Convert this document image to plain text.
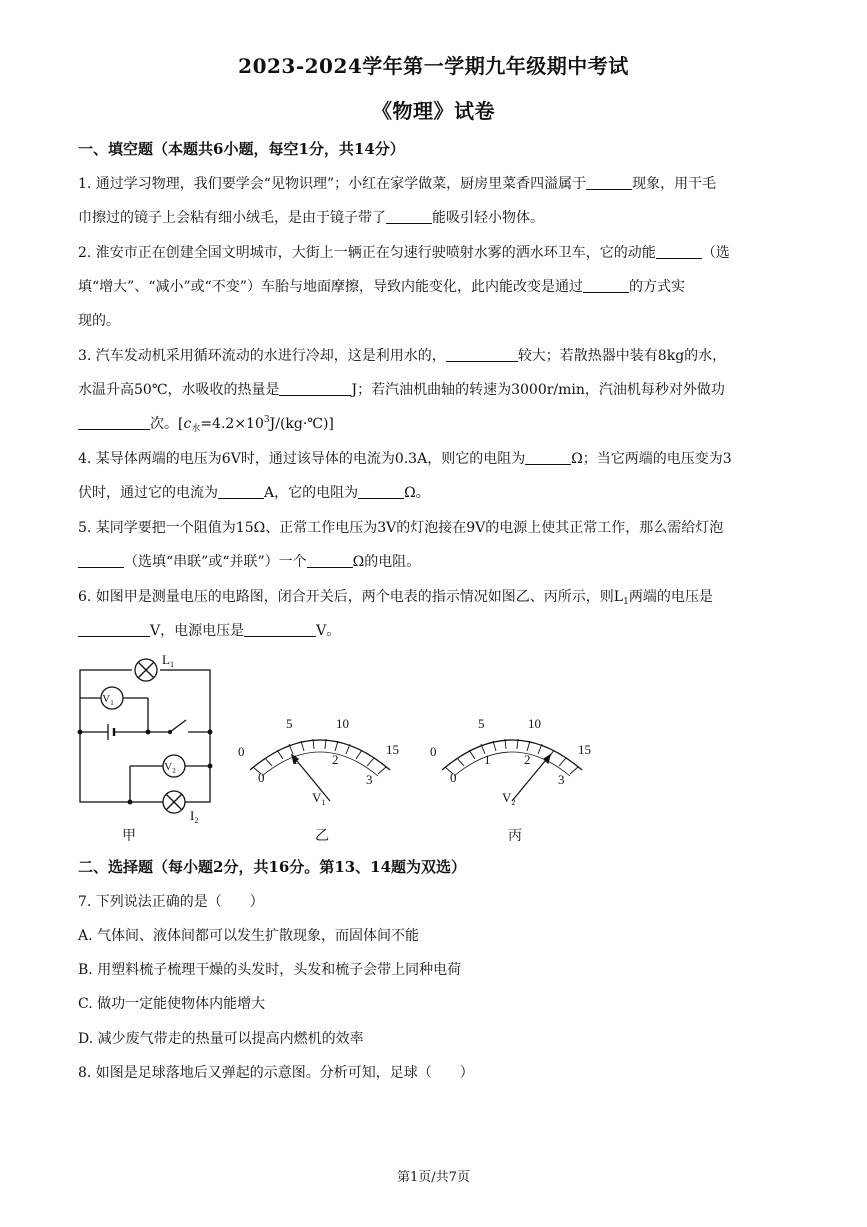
2023-2024学年第一学期九年级期中考试
《物理》试卷
一、填空题（本题共6小题，每空1分，共14分）
1. 通过学习物理，我们要学会“见物识理”；小红在家学做菜，厨房里菜香四溢属于	现象，用干毛
巾擦过的镜子上会粘有细小绒毛，是由于镜子带了	能吸引轻小物体。
2. 淮安市正在创建全国文明城市，大街上一辆正在匀速行驶喷射水雾的洒水环卫车，它的动能	（选
填“增大”、“减小”或“不变”）车胎与地面摩擦，导致内能变化，此内能改变是通过	的方式实
现的。
3. 汽车发动机采用循环流动的水进行冷却，这是利用水的，	较大；若散热器中装有8kg的水，
水温升高50℃，水吸收的热量是	J；若汽油机曲轴的转速为3000r/min，汽油机每秒对外做功
次。$[c_水=4.2\times 10^3J/(kg\cdot℃)]$
4. 某导体两端的电压为6V时，通过该导体的电流为0.3A，则它的电阻为	Ω；当它两端的电压变为3
伏时，通过它的电流为	A，它的电阻为	Ω。
5. 某同学要把一个阻值为15Ω、正常工作电压为3V的灯泡接在9V的电源上使其正常工作，那么需给灯泡
（选填“串联”或“并联”）一个	Ω的电阻。
6. 如图甲是测量电压的电路图，闭合开关后，两个电表的指示情况如图乙、丙所示，则$L_1$两端的电压是
V，电源电压是	V。
$L_1$
$V_1$
$V_2$
$I_2$
甲	乙	丙
0
5	10
15
0
1	2
3
$V_1$
0
5	10
15
0
1	2
3
$V_2$
二、选择题（每小题2分，共16分。第13、14题为双选）
7. 下列说法正确的是（　　）
A. 气体间、液体间都可以发生扩散现象，而固体间不能
B. 用塑料梳子梳理干燥的头发时，头发和梳子会带上同种电荷
C. 做功一定能使物体内能增大
D. 减少废气带走的热量可以提高内燃机的效率
8. 如图是足球落地后又弹起的示意图。分析可知，足球（　　）
第1页/共7页
